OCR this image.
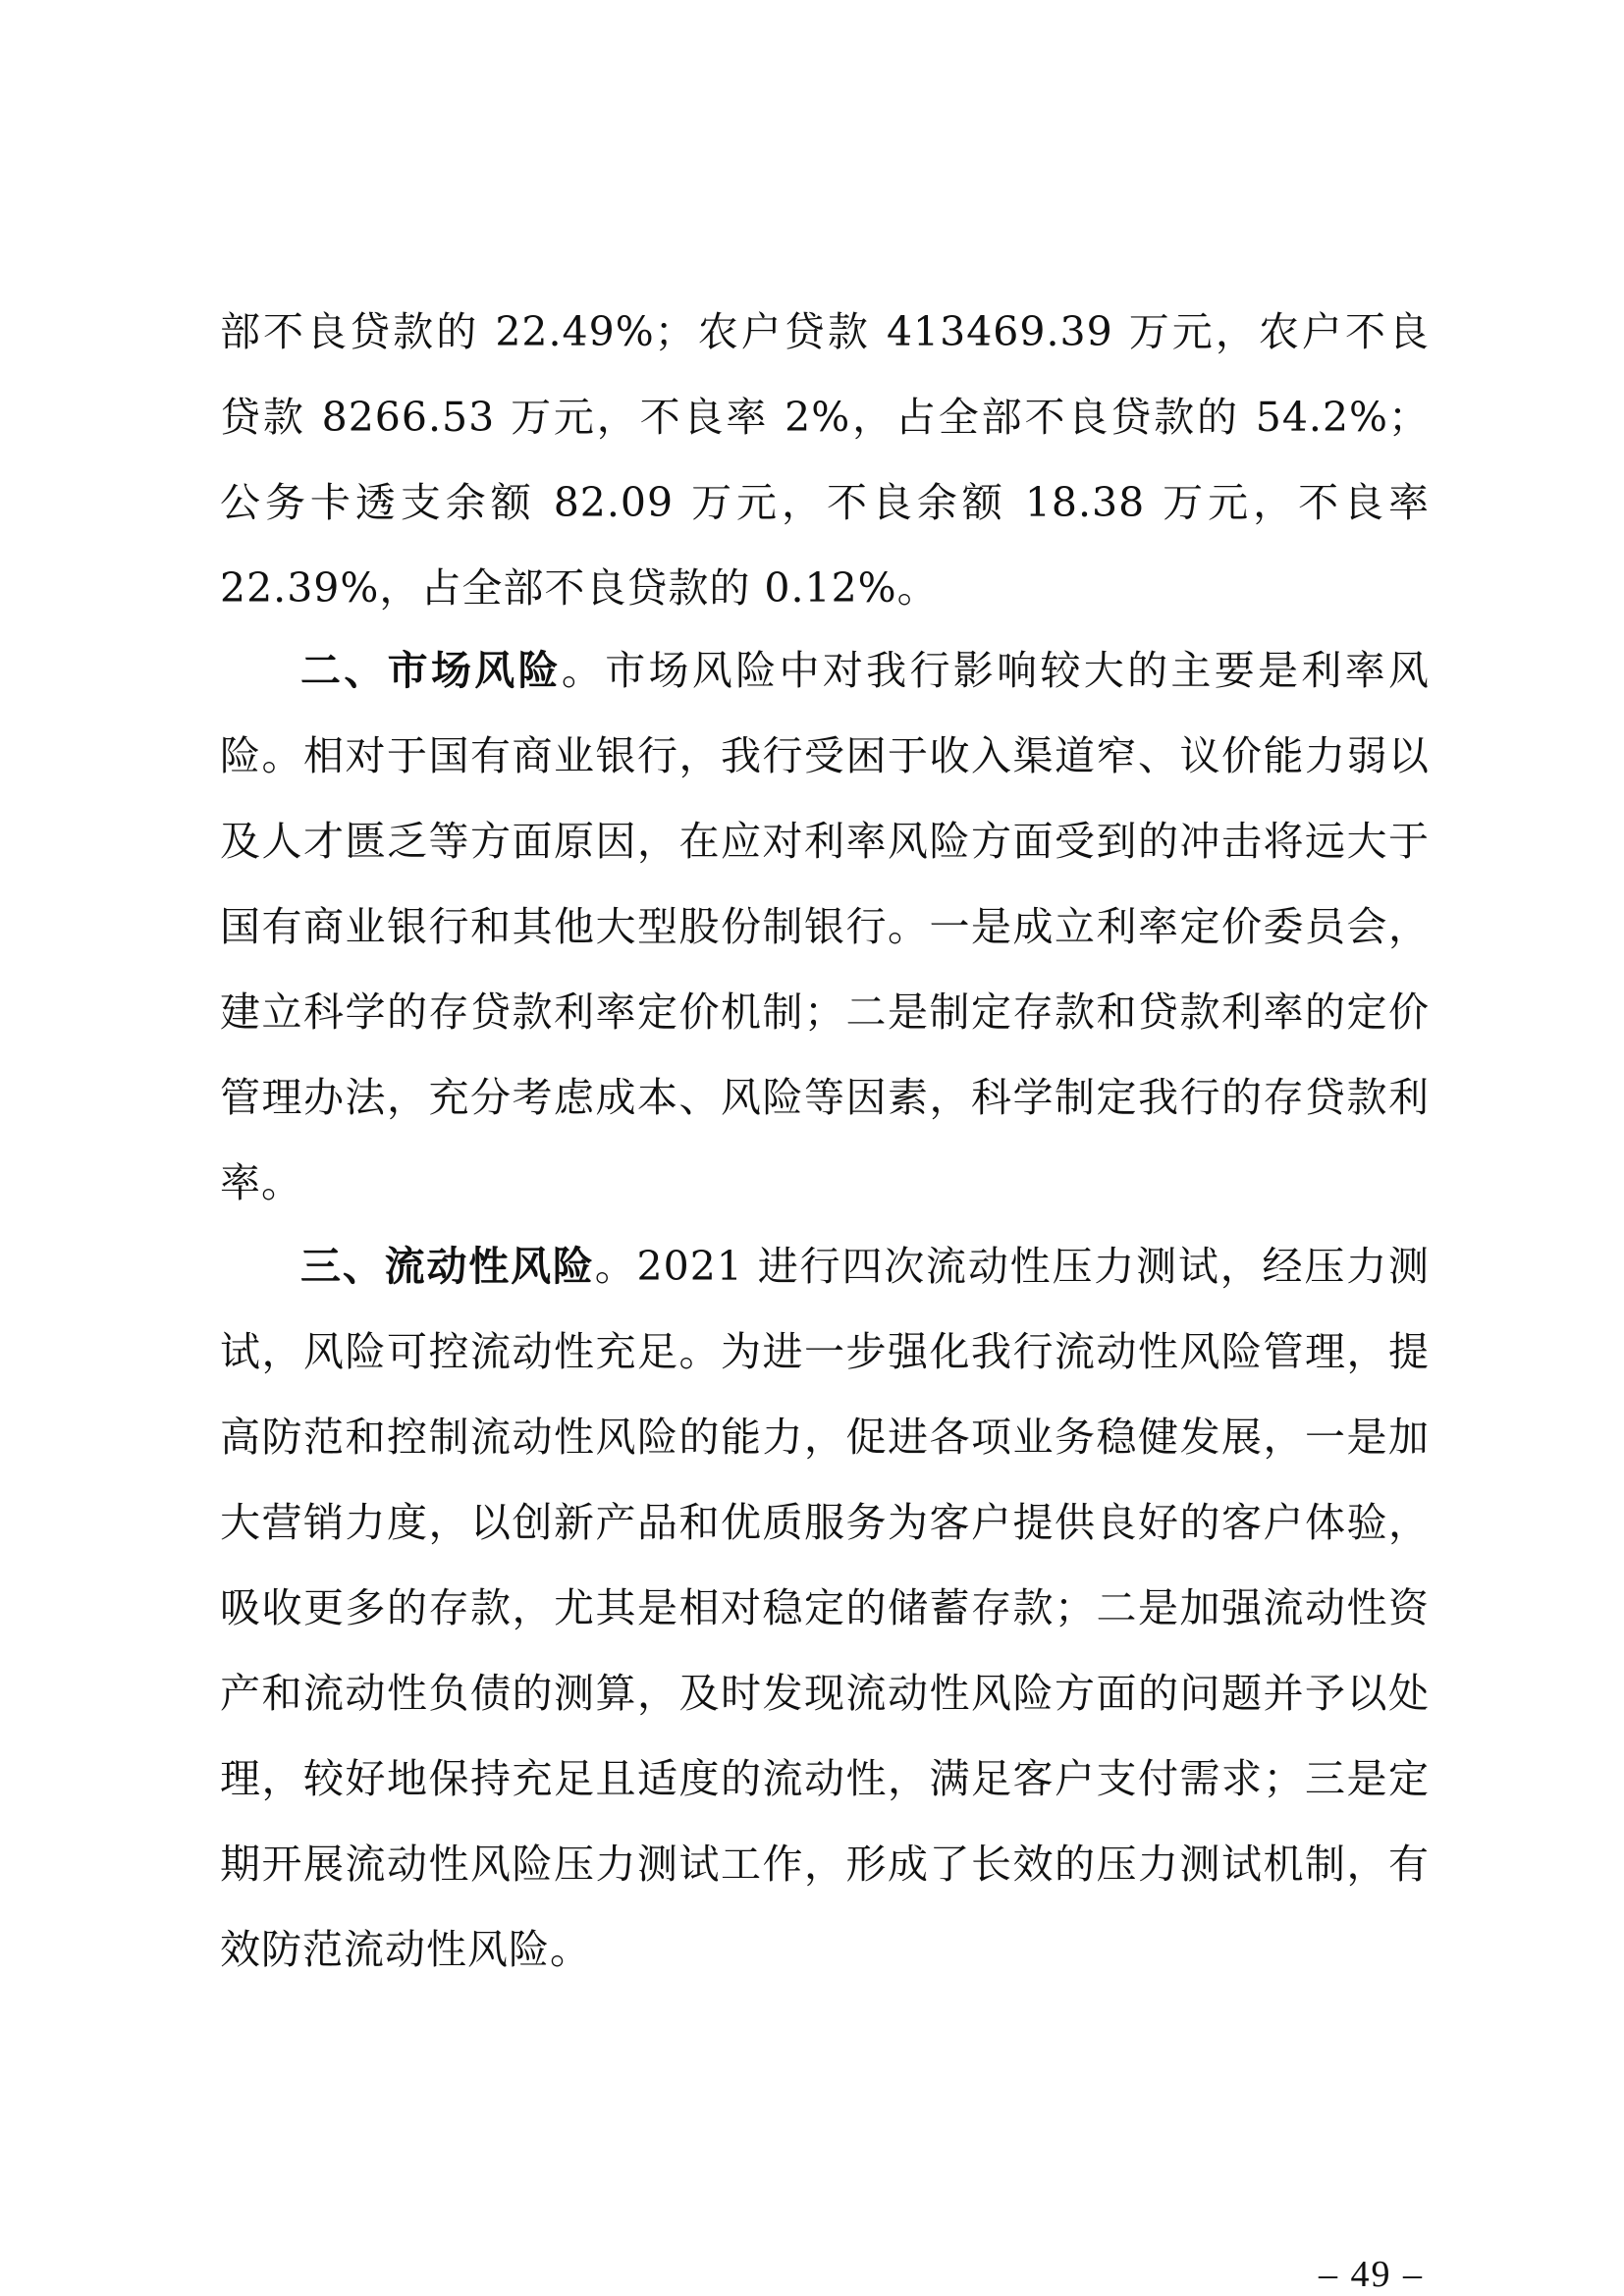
部不良贷款的 22.49%；农户贷款 413469.39 万元，农户不良贷款 8266.53 万元，不良率 2%，占全部不良贷款的 54.2%；公务卡透支余额 82.09 万元，不良余额 18.38 万元，不良率 22.39%，占全部不良贷款的 0.12%。

二、市场风险。市场风险中对我行影响较大的主要是利率风险。相对于国有商业银行，我行受困于收入渠道窄、议价能力弱以及人才匮乏等方面原因，在应对利率风险方面受到的冲击将远大于国有商业银行和其他大型股份制银行。一是成立利率定价委员会，建立科学的存贷款利率定价机制；二是制定存款和贷款利率的定价管理办法，充分考虑成本、风险等因素，科学制定我行的存贷款利率。

三、流动性风险。2021 进行四次流动性压力测试，经压力测试，风险可控流动性充足。为进一步强化我行流动性风险管理，提高防范和控制流动性风险的能力，促进各项业务稳健发展，一是加大营销力度，以创新产品和优质服务为客户提供良好的客户体验，吸收更多的存款，尤其是相对稳定的储蓄存款；二是加强流动性资产和流动性负债的测算，及时发现流动性风险方面的问题并予以处理，较好地保持充足且适度的流动性，满足客户支付需求；三是定期开展流动性风险压力测试工作，形成了长效的压力测试机制，有效防范流动性风险。

– 49 –
